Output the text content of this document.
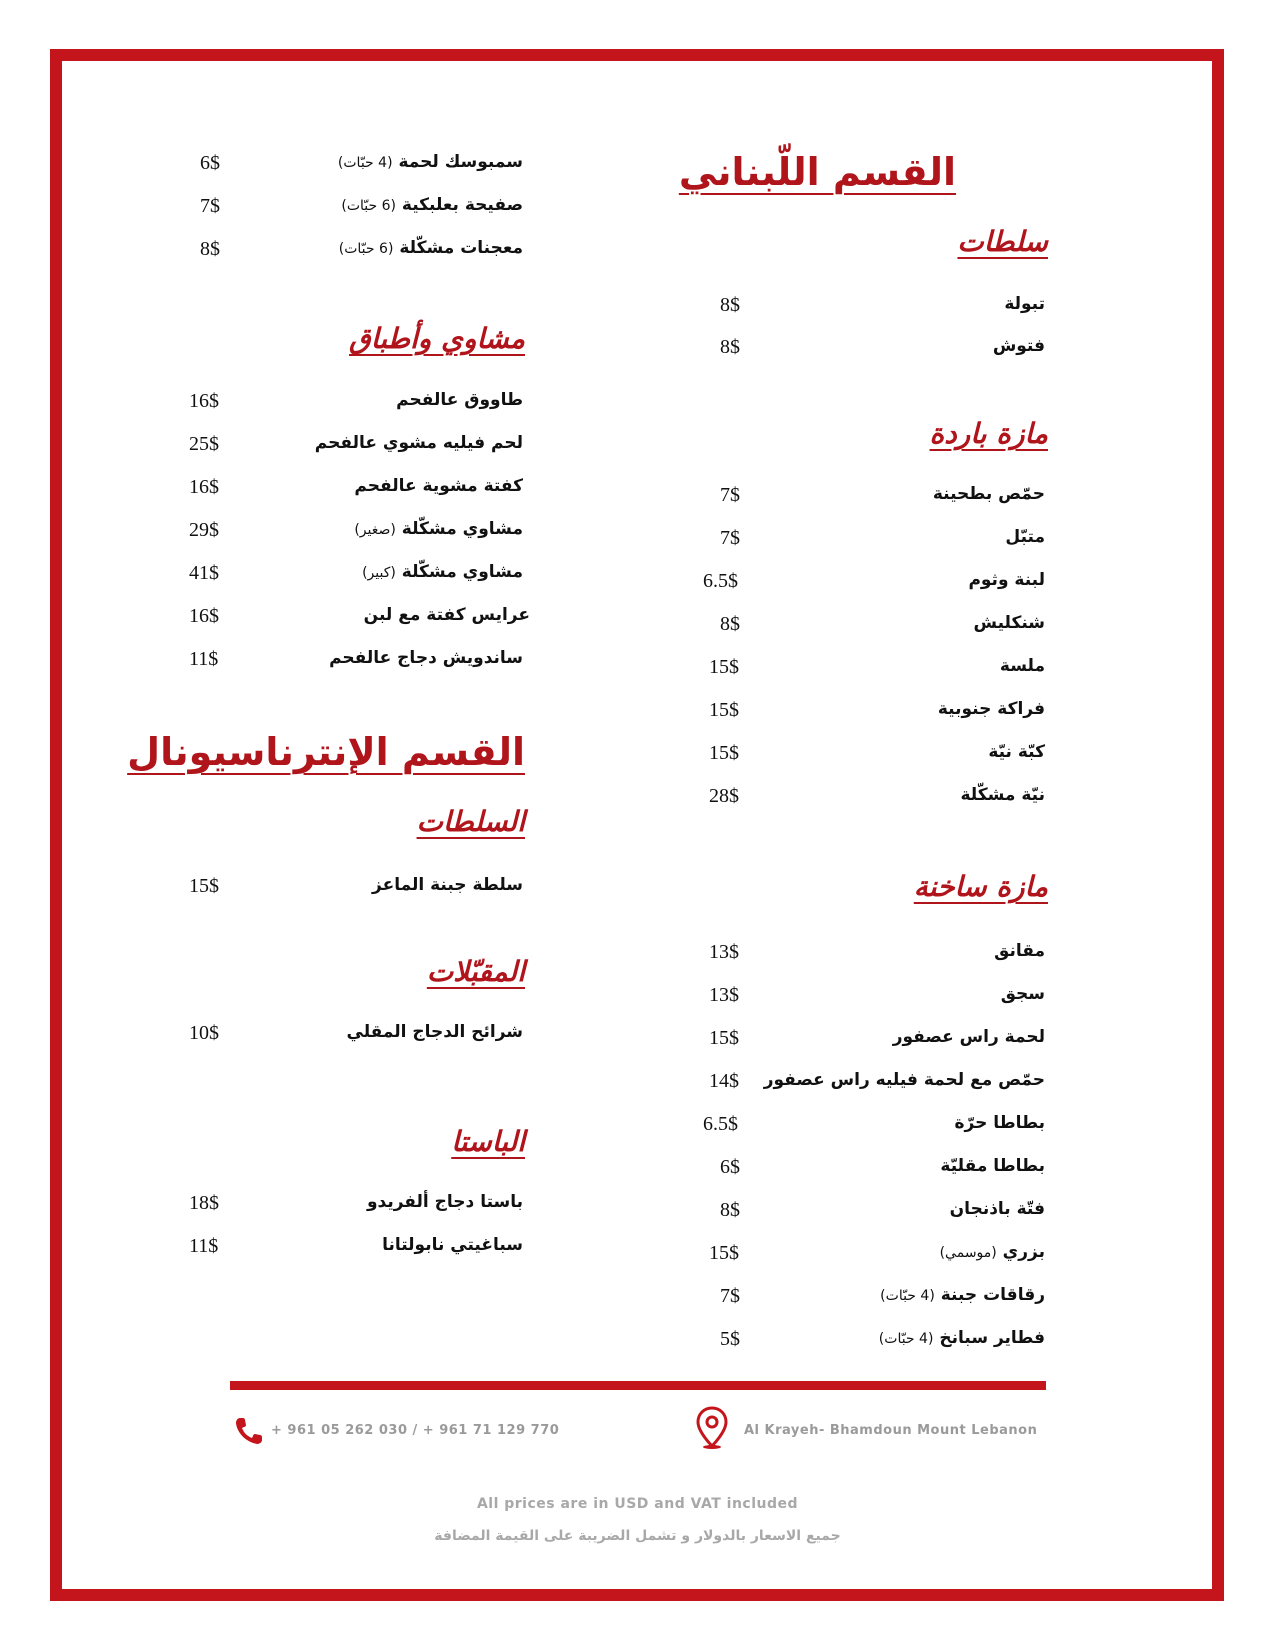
القسم اللّبناني
سلطات
تبولة
8$
فتوش
8$
مازة باردة
حمّص بطحينة
7$
متبّل
7$
لبنة وثوم
6.5$
شنكليش
8$
ملسة
15$
فراكة جنوبية
15$
كبّة نيّة
15$
نيّة مشكّلة
28$
مازة ساخنة
مقانق
13$
سجق
13$
لحمة راس عصفور
15$
حمّص مع لحمة فيليه راس عصفور
14$
بطاطا حرّة
6.5$
بطاطا مقليّة
6$
فتّة باذنجان
8$
بزري (موسمي)
15$
رقاقات جبنة (4 حبّات)
7$
فطاير سبانخ (4 حبّات)
5$
سمبوسك لحمة (4 حبّات)
6$
صفيحة بعلبكية (6 حبّات)
7$
معجنات مشكّلة (6 حبّات)
8$
مشاوي وأطباق
طاووق عالفحم
16$
لحم فيليه مشوي عالفحم
25$
كفتة مشوية عالفحم
16$
مشاوي مشكّلة (صغير)
29$
مشاوي مشكّلة (كبير)
41$
عرايس كفتة مع لبن
16$
ساندويش دجاج عالفحم
11$
القسم الإنترناسيونال
السلطات
سلطة جبنة الماعز
15$
المقبّلات
شرائح الدجاج المقلي
10$
الباستا
باستا دجاج ألفريدو
18$
سباغيتي نابولتانا
11$
+ 961 05 262 030 / + 961 71 129 770	Al Krayeh- Bhamdoun Mount Lebanon
All prices are in USD and VAT included
جميع الاسعار بالدولار و تشمل الضريبة على القيمة المضافة
